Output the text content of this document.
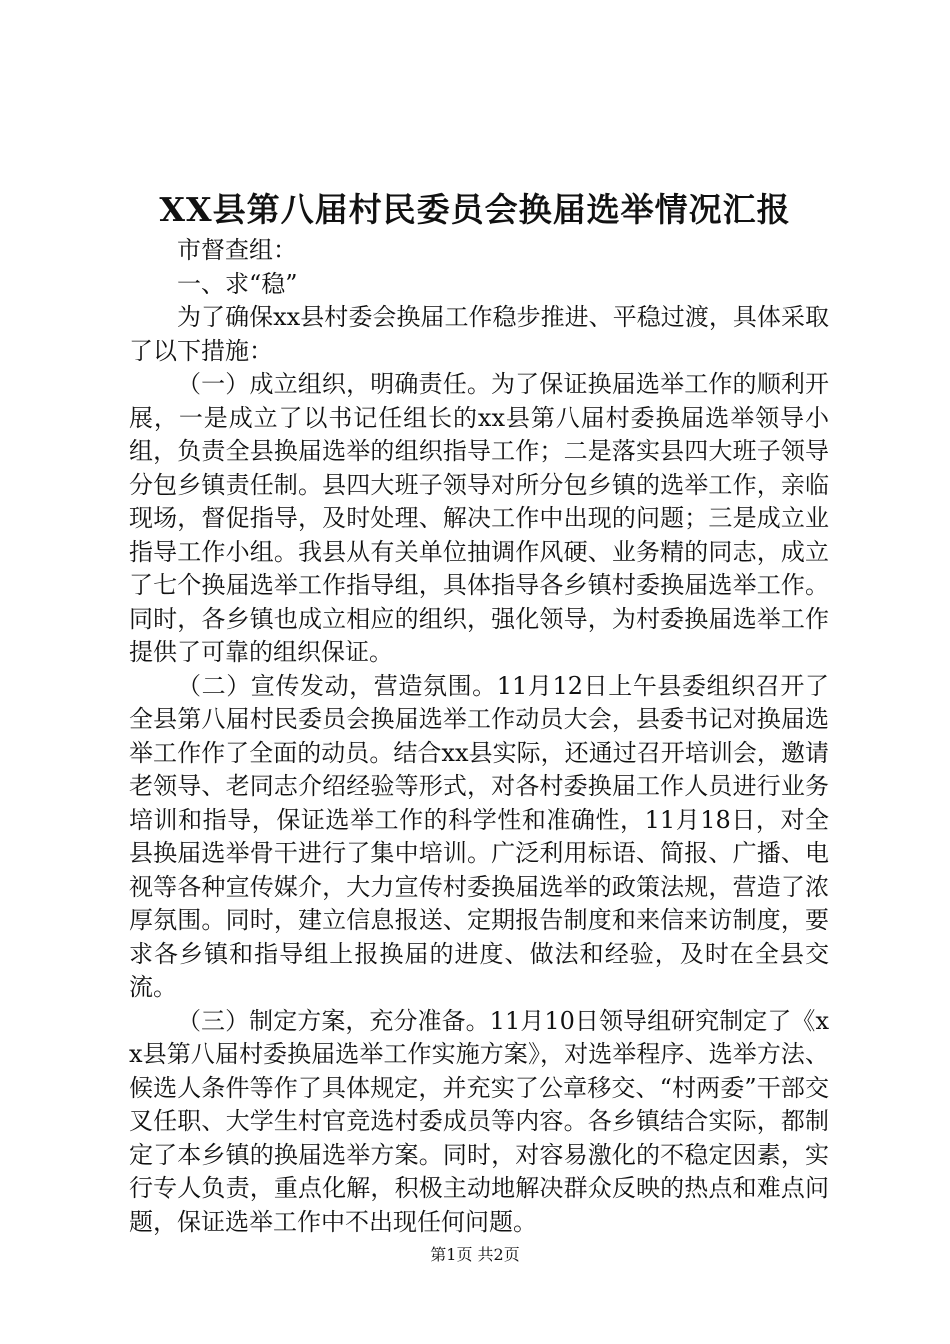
XX县第八届村民委员会换届选举情况汇报

市督查组：

一、求“稳”

为了确保xx县村委会换届工作稳步推进、平稳过渡，具体采取了以下措施：

（一）成立组织，明确责任。为了保证换届选举工作的顺利开展，一是成立了以书记任组长的xx县第八届村委换届选举领导小组，负责全县换届选举的组织指导工作；二是落实县四大班子领导分包乡镇责任制。县四大班子领导对所分包乡镇的选举工作，亲临现场，督促指导，及时处理、解决工作中出现的问题；三是成立业指导工作小组。我县从有关单位抽调作风硬、业务精的同志，成立了七个换届选举工作指导组，具体指导各乡镇村委换届选举工作。同时，各乡镇也成立相应的组织，强化领导，为村委换届选举工作提供了可靠的组织保证。

（二）宣传发动，营造氛围。11月12日上午县委组织召开了全县第八届村民委员会换届选举工作动员大会，县委书记对换届选举工作作了全面的动员。结合xx县实际，还通过召开培训会，邀请老领导、老同志介绍经验等形式，对各村委换届工作人员进行业务培训和指导，保证选举工作的科学性和准确性，11月18日，对全县换届选举骨干进行了集中培训。广泛利用标语、简报、广播、电视等各种宣传媒介，大力宣传村委换届选举的政策法规，营造了浓厚氛围。同时，建立信息报送、定期报告制度和来信来访制度，要求各乡镇和指导组上报换届的进度、做法和经验，及时在全县交流。

（三）制定方案，充分准备。11月10日领导组研究制定了《xx县第八届村委换届选举工作实施方案》，对选举程序、选举方法、候选人条件等作了具体规定，并充实了公章移交、“村两委”干部交叉任职、大学生村官竞选村委成员等内容。各乡镇结合实际，都制定了本乡镇的换届选举方案。同时，对容易激化的不稳定因素，实行专人负责，重点化解，积极主动地解决群众反映的热点和难点问题，保证选举工作中不出现任何问题。

第1页 共2页
